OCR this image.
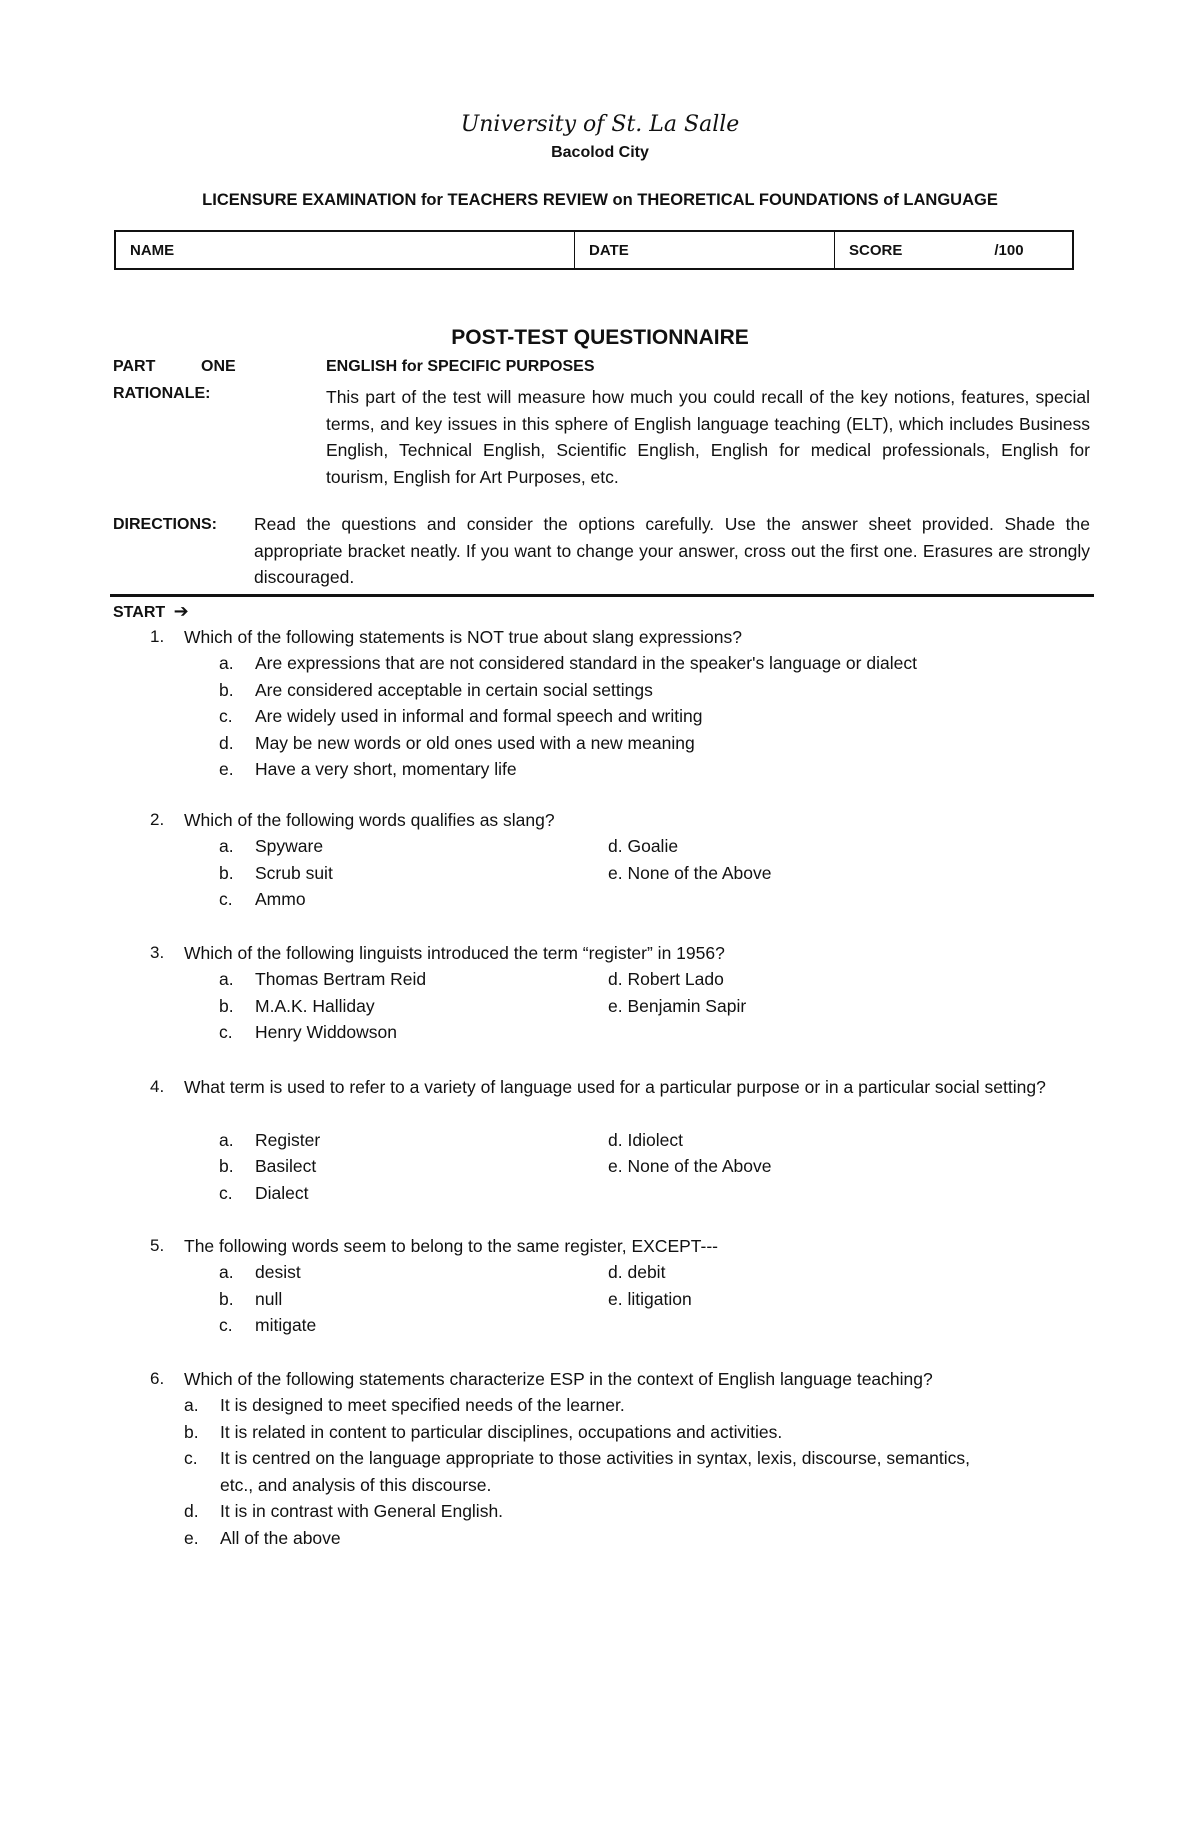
University of St. La Salle
Bacolod City
LICENSURE EXAMINATION for TEACHERS REVIEW on THEORETICAL FOUNDATIONS of LANGUAGE
NAME	DATE	SCORE	/100
POST-TEST QUESTIONNAIRE
PART	ONE
RATIONALE:
ENGLISH for SPECIFIC PURPOSES
This part of the test will measure how much you could recall of the key notions, features, special terms, and key issues in this sphere of English language teaching (ELT), which includes Business English, Technical English, Scientific English, English for medical professionals, English for tourism, English for Art Purposes, etc.
DIRECTIONS: Read the questions and consider the options carefully. Use the answer sheet provided. Shade the appropriate bracket neatly. If you want to change your answer, cross out the first one. Erasures are strongly discouraged.
START ➔
1. Which of the following statements is NOT true about slang expressions?
a. Are expressions that are not considered standard in the speaker's language or dialect
b. Are considered acceptable in certain social settings
c. Are widely used in informal and formal speech and writing
d. May be new words or old ones used with a new meaning
e. Have a very short, momentary life
2. Which of the following words qualifies as slang?
a. Spyware
b. Scrub suit
c. Ammo
d. Goalie
e. None of the Above
3. Which of the following linguists introduced the term “register” in 1956?
a. Thomas Bertram Reid
b. M.A.K. Halliday
c. Henry Widdowson
d. Robert Lado
e. Benjamin Sapir
4. What term is used to refer to a variety of language used for a particular purpose or in a particular social setting?
a. Register
b. Basilect
c. Dialect
d. Idiolect
e. None of the Above
5. The following words seem to belong to the same register, EXCEPT---
a. desist
b. null
c. mitigate
d. debit
e. litigation
6. Which of the following statements characterize ESP in the context of English language teaching?
a. It is designed to meet specified needs of the learner.
b. It is related in content to particular disciplines, occupations and activities.
c. It is centred on the language appropriate to those activities in syntax, lexis, discourse, semantics,
etc., and analysis of this discourse.
d. It is in contrast with General English.
e. All of the above
